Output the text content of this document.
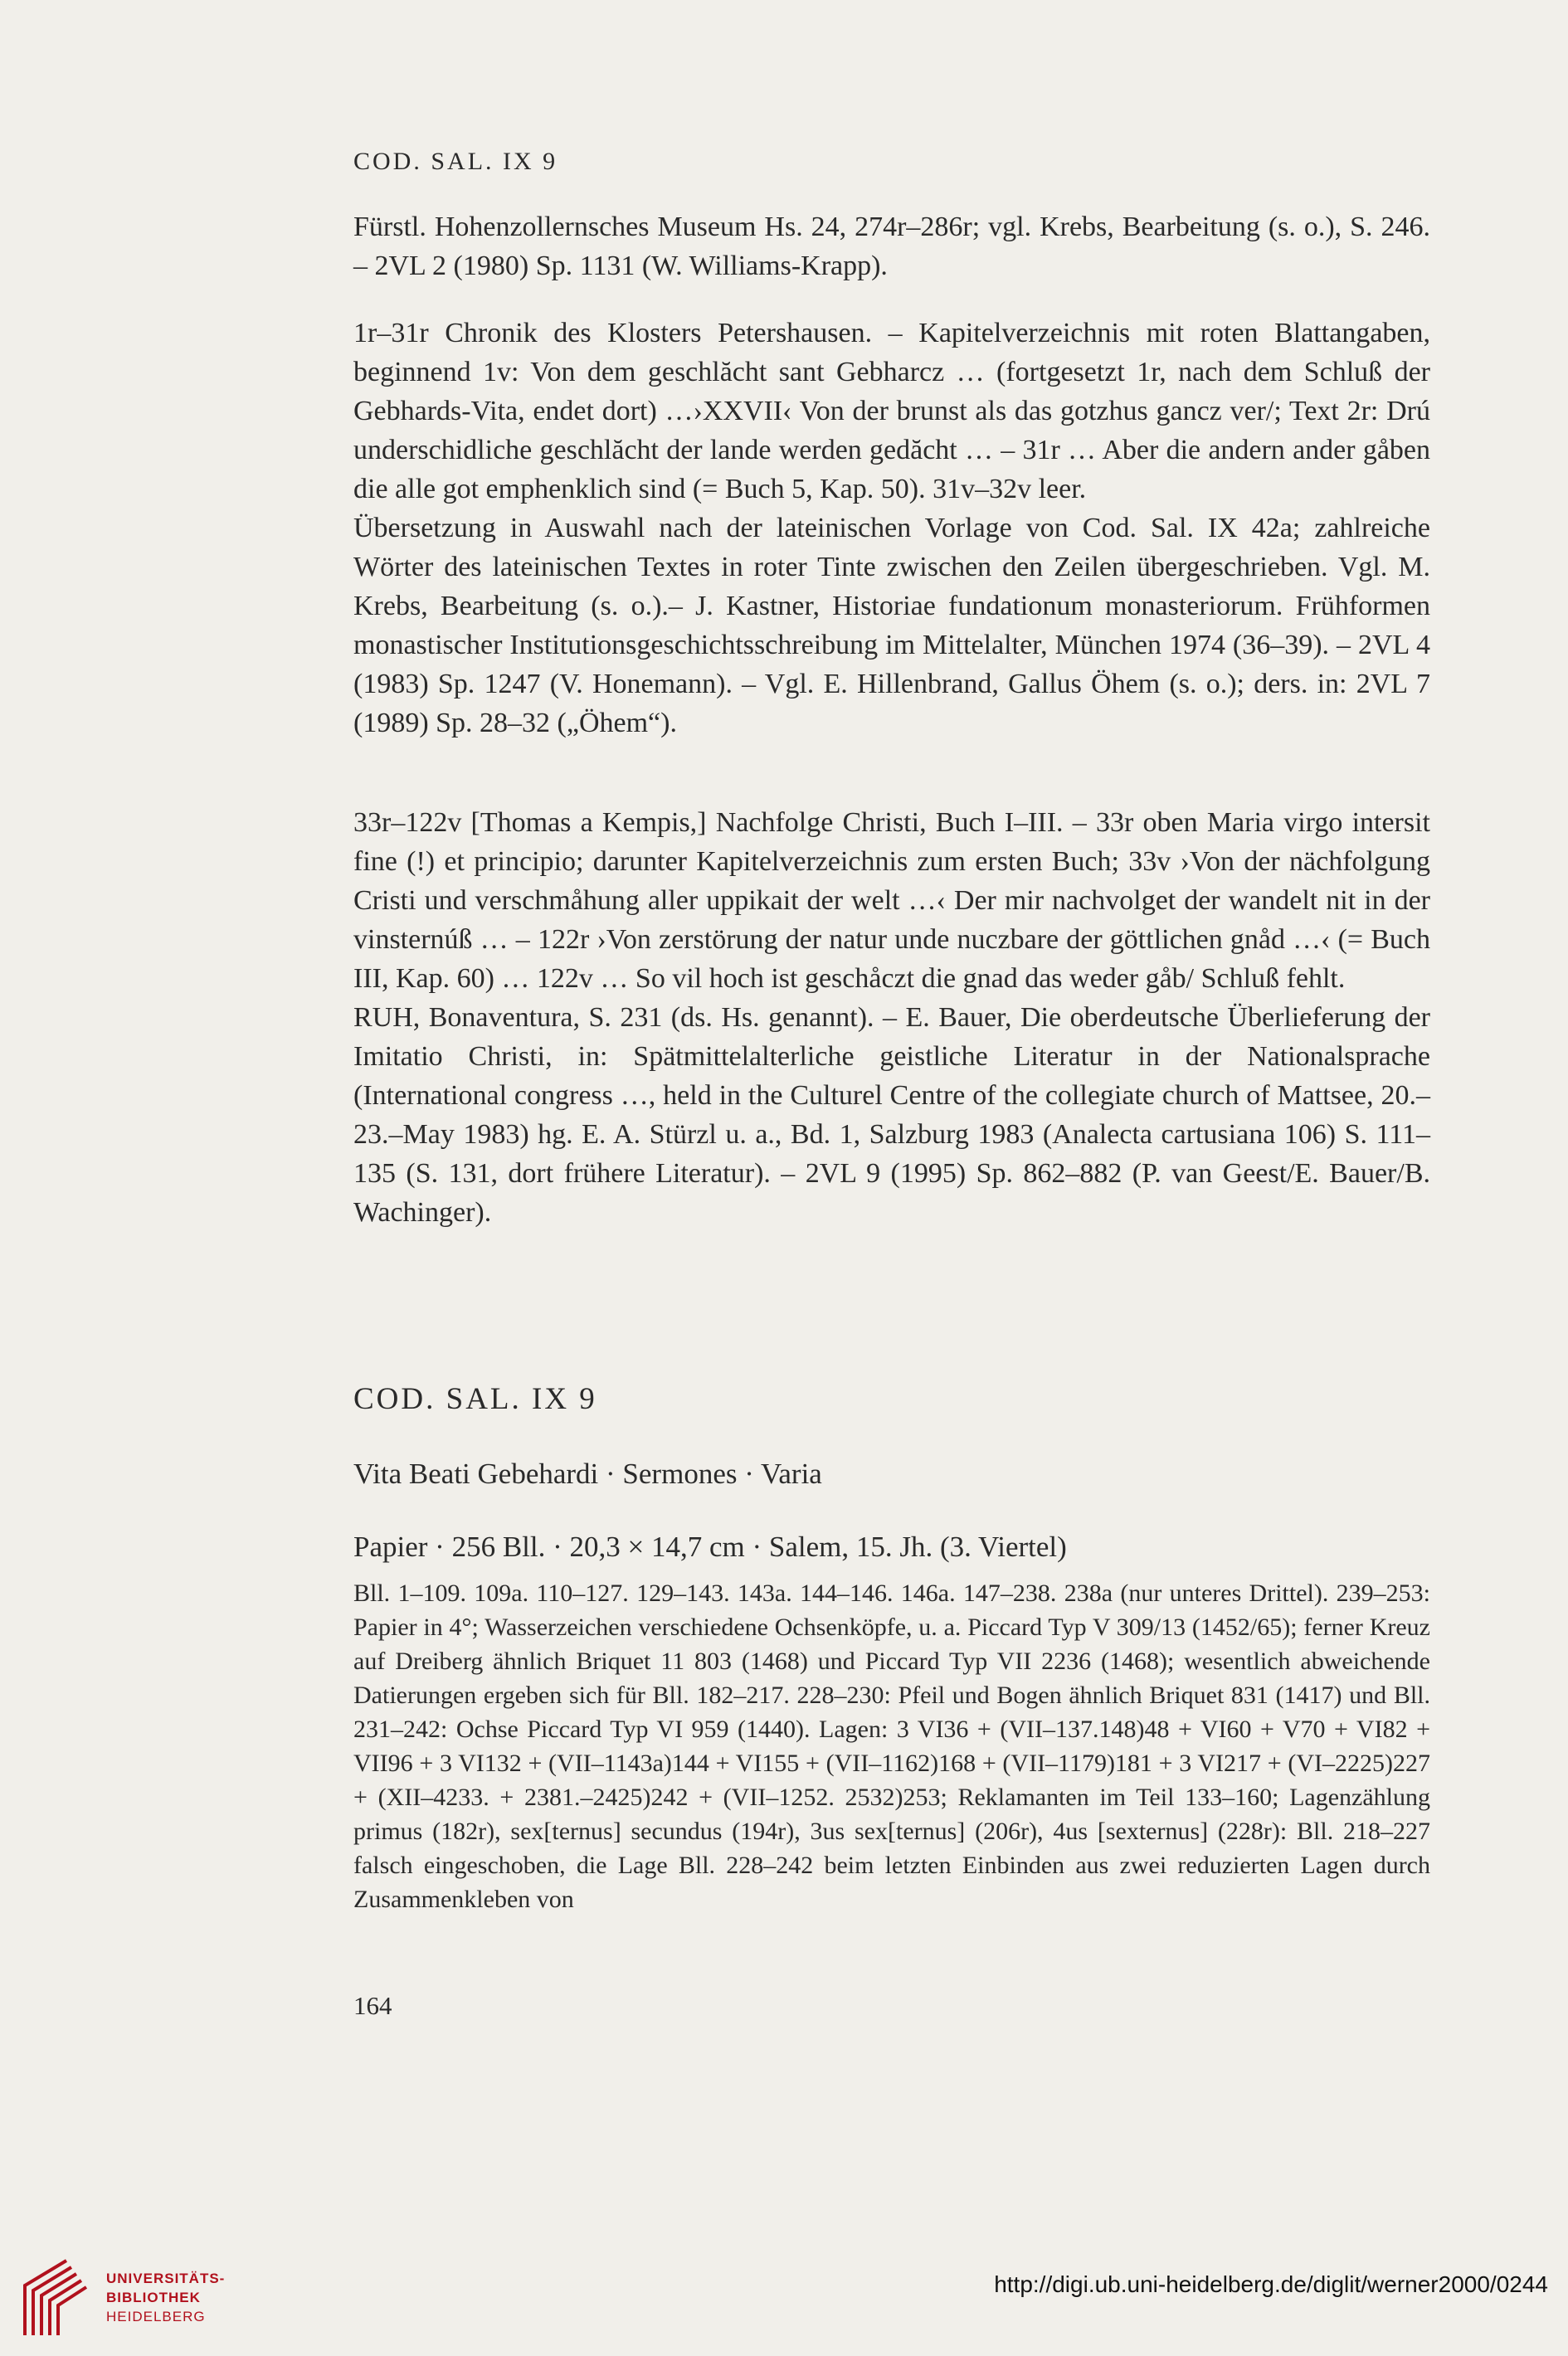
COD. SAL. IX 9

Fürstl. Hohenzollernsches Museum Hs. 24, 274r–286r; vgl. Krebs, Bearbeitung (s. o.), S. 246. – 2VL 2 (1980) Sp. 1131 (W. Williams-Krapp).

1r–31r Chronik des Klosters Petershausen. – Kapitelverzeichnis mit roten Blattangaben, beginnend 1v: Von dem geschlăcht sant Gebharcz … (fortgesetzt 1r, nach dem Schluß der Gebhards-Vita, endet dort) …›XXVII‹ Von der brunst als das gotzhus gancz ver/; Text 2r: Drú underschidliche geschlăcht der lande werden gedăcht … – 31r … Aber die andern ander gåben die alle got emphenklich sind (= Buch 5, Kap. 50). 31v–32v leer.

Übersetzung in Auswahl nach der lateinischen Vorlage von Cod. Sal. IX 42a; zahlreiche Wörter des lateinischen Textes in roter Tinte zwischen den Zeilen übergeschrieben. Vgl. M. Krebs, Bearbeitung (s. o.).– J. Kastner, Historiae fundationum monasteriorum. Frühformen monastischer Institutionsgeschichtsschreibung im Mittelalter, München 1974 (36–39). – 2VL 4 (1983) Sp. 1247 (V. Honemann). – Vgl. E. Hillenbrand, Gallus Öhem (s. o.); ders. in: 2VL 7 (1989) Sp. 28–32 („Öhem“).

33r–122v [Thomas a Kempis,] Nachfolge Christi, Buch I–III. – 33r oben Maria virgo intersit fine (!) et principio; darunter Kapitelverzeichnis zum ersten Buch; 33v ›Von der nächfolgung Cristi und verschmåhung aller uppikait der welt …‹ Der mir nachvolget der wandelt nit in der vinsternúß … – 122r ›Von zerstörung der natur unde nuczbare der göttlichen gnåd …‹ (= Buch III, Kap. 60) … 122v … So vil hoch ist geschåczt die gnad das weder gåb/ Schluß fehlt.

RUH, Bonaventura, S. 231 (ds. Hs. genannt). – E. Bauer, Die oberdeutsche Überlieferung der Imitatio Christi, in: Spätmittelalterliche geistliche Literatur in der Nationalsprache (International congress …, held in the Culturel Centre of the collegiate church of Mattsee, 20.–23.–May 1983) hg. E. A. Stürzl u. a., Bd. 1, Salzburg 1983 (Analecta cartusiana 106) S. 111–135 (S. 131, dort frühere Literatur). – 2VL 9 (1995) Sp. 862–882 (P. van Geest/E. Bauer/B. Wachinger).

COD. SAL. IX 9
Vita Beati Gebehardi · Sermones · Varia
Papier · 256 Bll. · 20,3 × 14,7 cm · Salem, 15. Jh. (3. Viertel)

Bll. 1–109. 109a. 110–127. 129–143. 143a. 144–146. 146a. 147–238. 238a (nur unteres Drittel). 239–253: Papier in 4°; Wasserzeichen verschiedene Ochsenköpfe, u. a. Piccard Typ V 309/13 (1452/65); ferner Kreuz auf Dreiberg ähnlich Briquet 11 803 (1468) und Piccard Typ VII 2236 (1468); wesentlich abweichende Datierungen ergeben sich für Bll. 182–217. 228–230: Pfeil und Bogen ähnlich Briquet 831 (1417) und Bll. 231–242: Ochse Piccard Typ VI 959 (1440). Lagen: 3 VI36 + (VII–137.148)48 + VI60 + V70 + VI82 + VII96 + 3 VI132 + (VII–1143a)144 + VI155 + (VII–1162)168 + (VII–1179)181 + 3 VI217 + (VI–2225)227 + (XII–4233. + 2381.–2425)242 + (VII–1252. 2532)253; Reklamanten im Teil 133–160; Lagenzählung primus (182r), sex[ternus] secundus (194r), 3us sex[ternus] (206r), 4us [sexternus] (228r): Bll. 218–227 falsch eingeschoben, die Lage Bll. 228–242 beim letzten Einbinden aus zwei reduzierten Lagen durch Zusammenkleben von

164
UNIVERSITÄTS-
BIBLIOTHEK
HEIDELBERG
http://digi.ub.uni-heidelberg.de/diglit/werner2000/0244
